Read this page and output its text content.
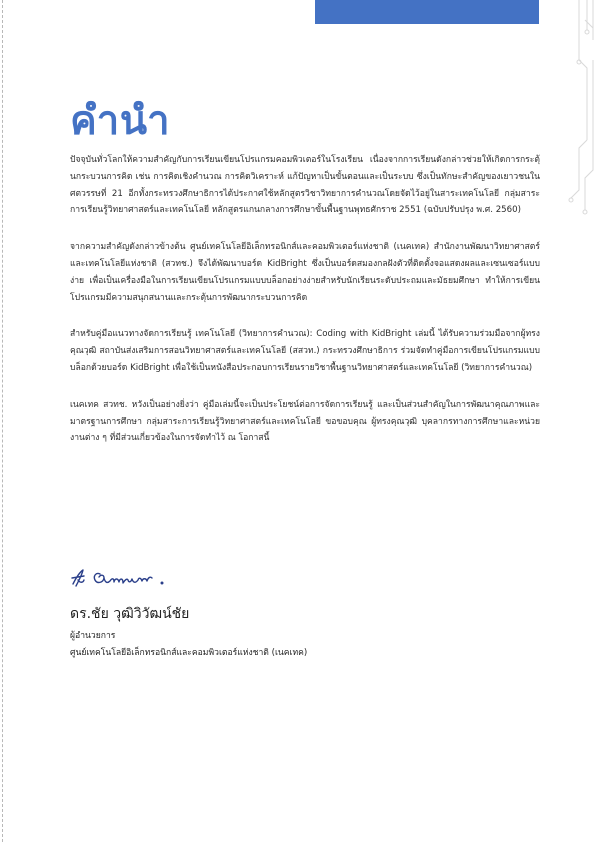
คำนำ

ปัจจุบันทั่วโลกให้ความสำคัญกับการเรียนเขียนโปรแกรมคอมพิวเตอร์ในโรงเรียน เนื่องจากการเรียนดังกล่าวช่วยให้เกิดการกระตุ้นกระบวนการคิด เช่น การคิดเชิงคำนวณ การคิดวิเคราะห์ แก้ปัญหาเป็นขั้นตอนและเป็นระบบ ซึ่งเป็นทักษะสำคัญของเยาวชนในศตวรรษที่ 21 อีกทั้งกระทรวงศึกษาธิการได้ประกาศใช้หลักสูตรวิชาวิทยาการคำนวณโดยจัดไว้อยู่ในสาระเทคโนโลยี กลุ่มสาระการเรียนรู้วิทยาศาสตร์และเทคโนโลยี หลักสูตรแกนกลางการศึกษาขั้นพื้นฐานพุทธศักราช 2551 (ฉบับปรับปรุง พ.ศ. 2560)

จากความสำคัญดังกล่าวข้างต้น ศูนย์เทคโนโลยีอิเล็กทรอนิกส์และคอมพิวเตอร์แห่งชาติ (เนคเทค) สำนักงานพัฒนาวิทยาศาสตร์และเทคโนโลยีแห่งชาติ (สวทช.) จึงได้พัฒนาบอร์ด KidBright ซึ่งเป็นบอร์ดสมองกลฝังตัวที่ติดตั้งจอแสดงผลและเซนเซอร์แบบง่าย เพื่อเป็นเครื่องมือในการเรียนเขียนโปรแกรมแบบบล็อกอย่างง่ายสำหรับนักเรียนระดับประถมและมัธยมศึกษา ทำให้การเขียนโปรแกรมมีความสนุกสนานและกระตุ้นการพัฒนากระบวนการคิด

สำหรับคู่มือแนวทางจัดการเรียนรู้ เทคโนโลยี (วิทยาการคำนวณ): Coding with KidBright เล่มนี้ ได้รับความร่วมมือจากผู้ทรงคุณวุฒิ สถาบันส่งเสริมการสอนวิทยาศาสตร์และเทคโนโลยี (สสวท.) กระทรวงศึกษาธิการ ร่วมจัดทำคู่มือการเขียนโปรแกรมแบบบล็อกด้วยบอร์ด KidBright เพื่อใช้เป็นหนังสือประกอบการเรียนรายวิชาพื้นฐานวิทยาศาสตร์และเทคโนโลยี (วิทยาการคำนวณ)

เนคเทค สวทช. หวังเป็นอย่างยิ่งว่า คู่มือเล่มนี้จะเป็นประโยชน์ต่อการจัดการเรียนรู้ และเป็นส่วนสำคัญในการพัฒนาคุณภาพและมาตรฐานการศึกษา กลุ่มสาระการเรียนรู้วิทยาศาสตร์และเทคโนโลยี ขอขอบคุณ ผู้ทรงคุณวุฒิ บุคลากรทางการศึกษาและหน่วยงานต่าง ๆ ที่มีส่วนเกี่ยวข้องในการจัดทำไว้ ณ โอกาสนี้

ดร.ชัย วุฒิวิวัฒน์ชัย
ผู้อำนวยการ
ศูนย์เทคโนโลยีอิเล็กทรอนิกส์และคอมพิวเตอร์แห่งชาติ (เนคเทค)
